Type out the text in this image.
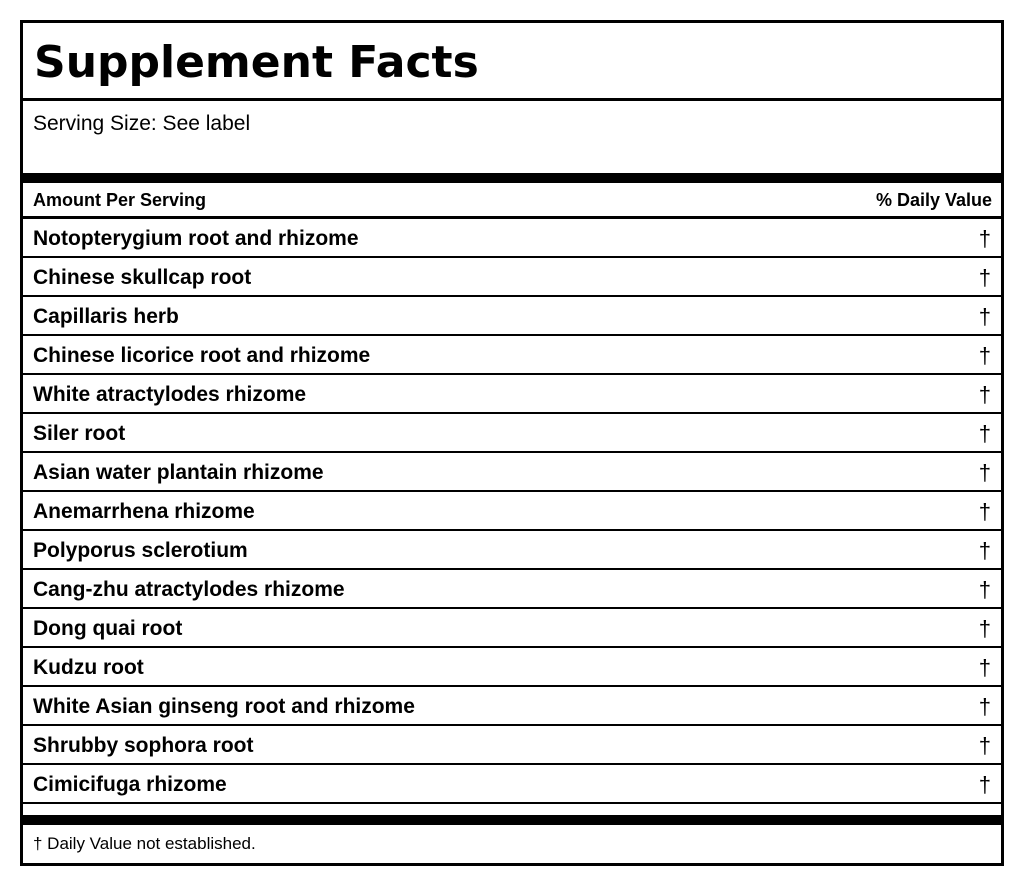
Supplement Facts
Serving Size: See label
Amount Per Serving	% Daily Value
Notopterygium root and rhizome	†
Chinese skullcap root	†
Capillaris herb	†
Chinese licorice root and rhizome	†
White atractylodes rhizome	†
Siler root	†
Asian water plantain rhizome	†
Anemarrhena rhizome	†
Polyporus sclerotium	†
Cang-zhu atractylodes rhizome	†
Dong quai root	†
Kudzu root	†
White Asian ginseng root and rhizome	†
Shrubby sophora root	†
Cimicifuga rhizome	†
† Daily Value not established.
